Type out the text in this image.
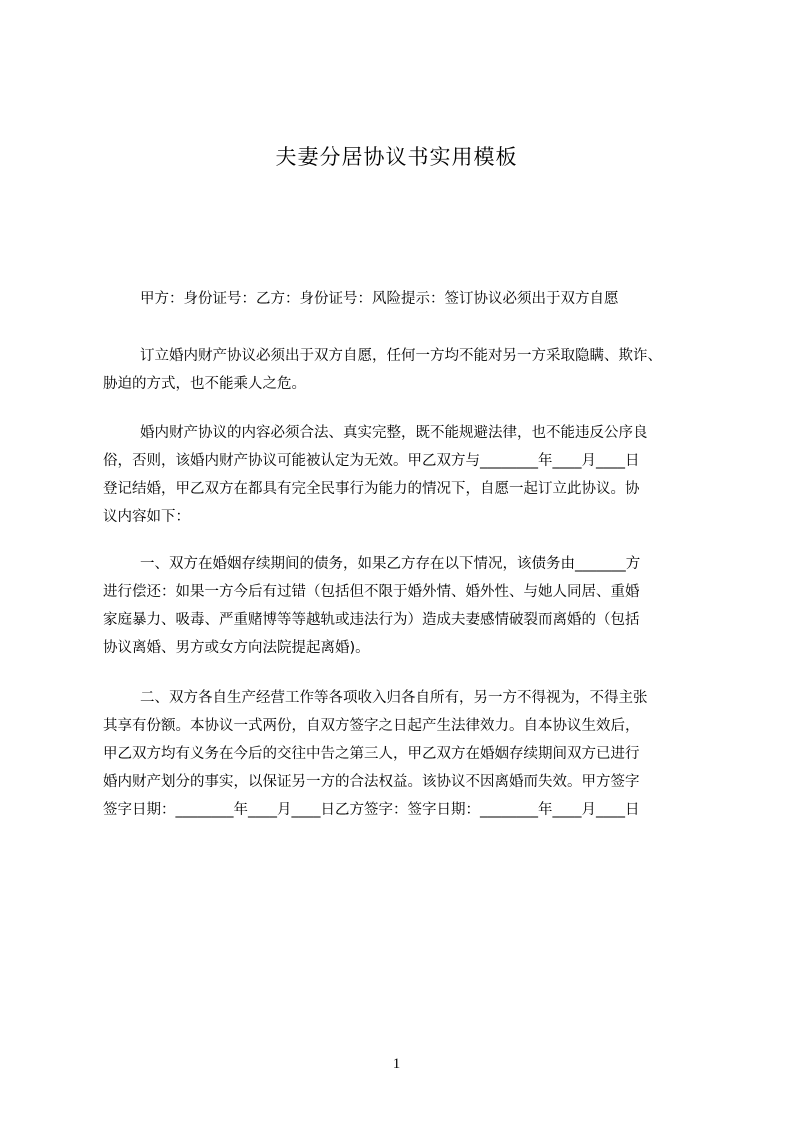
夫妻分居协议书实用模板
甲方：身份证号：乙方：身份证号：风险提示：签订协议必须出于双方自愿
订立婚内财产协议必须出于双方自愿，任何一方均不能对另一方采取隐瞒、欺诈、
胁迫的方式，也不能乘人之危。
婚内财产协议的内容必须合法、真实完整，既不能规避法律，也不能违反公序良
俗，否则，该婚内财产协议可能被认定为无效。甲乙双方与________年____月____日
登记结婚，甲乙双方在都具有完全民事行为能力的情况下，自愿一起订立此协议。协
议内容如下：
一、双方在婚姻存续期间的债务，如果乙方存在以下情况，该债务由_______方
进行偿还：如果一方今后有过错（包括但不限于婚外情、婚外性、与她人同居、重婚
家庭暴力、吸毒、严重赌博等等越轨或违法行为）造成夫妻感情破裂而离婚的（包括
协议离婚、男方或女方向法院提起离婚)。
二、双方各自生产经营工作等各项收入归各自所有，另一方不得视为，不得主张
其享有份额。本协议一式两份，自双方签字之日起产生法律效力。自本协议生效后，
甲乙双方均有义务在今后的交往中告之第三人，甲乙双方在婚姻存续期间双方已进行
婚内财产划分的事实，以保证另一方的合法权益。该协议不因离婚而失效。甲方签字
签字日期：________年____月____日乙方签字：签字日期：________年____月____日
1
